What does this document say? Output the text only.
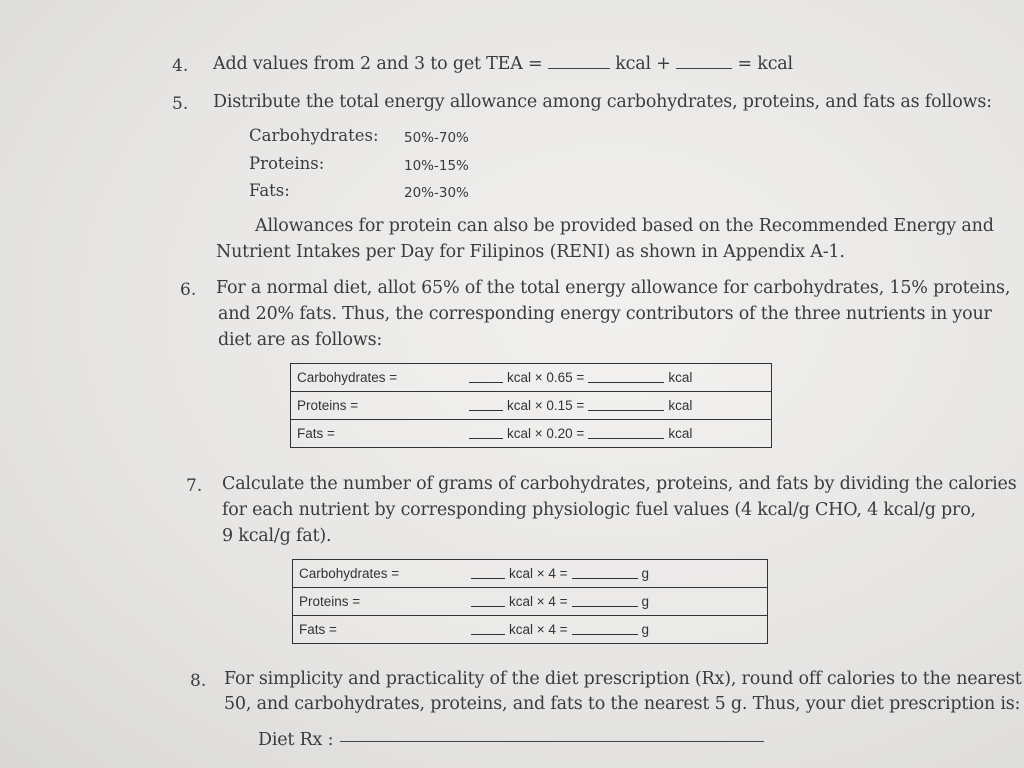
4. Add values from 2 and 3 to get TEA =	kcal +	= kcal
5. Distribute the total energy allowance among carbohydrates, proteins, and fats as follows:
Carbohydrates: 50%-70%
Proteins:	10%-15%
Fats:	20%-30%
Allowances for protein can also be provided based on the Recommended Energy and
Nutrient Intakes per Day for Filipinos (RENI) as shown in Appendix A-1.
6. For a normal diet, allot 65% of the total energy allowance for carbohydrates, 15% proteins,
and 20% fats. Thus, the corresponding energy contributors of the three nutrients in your
diet are as follows:
Carbohydrates =	kcal × 0.65 = kcal

Proteins =	kcal × 0.15 = kcal

Fats =	kcal × 0.20 = kcal
7. Calculate the number of grams of carbohydrates, proteins, and fats by dividing the calories
for each nutrient by corresponding physiologic fuel values (4 kcal/g CHO, 4 kcal/g pro,
9 kcal/g fat).
Carbohydrates =	kcal × 4 = g

Proteins =	kcal × 4 = g

Fats =	kcal × 4 = g
8. For simplicity and practicality of the diet prescription (Rx), round off calories to the nearest
50, and carbohydrates, proteins, and fats to the nearest 5 g. Thus, your diet prescription is:
Diet Rx :
